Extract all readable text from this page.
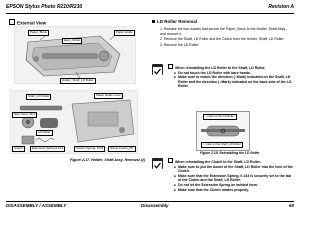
EPSON Stylus Photo R210/R230	Revision A
External View
Paper_Block
Eject_Roller
Paper Guide
Holder_Shaft_LD Roller
Shaft_LD Roller
Spur Gear, 36.4
LD Roller
Clutch	Extension Spring 0.143
Paper Guide Lever
Torsion Spring, 0.2S	Screw Frame_PK
Figure 2-17. Holder, Shaft Assy. Removal (2)
LD Roller Removal
1. Release the two dowels that secure the Paper_Block to the Holder, Shaft Assy., and remove it.
2. Remove the Shaft, LD Roller and the Clutch from the Holder, Shaft, LD Roller.
3. Remove the LD Roller.
When reinstalling the LD Roller to the Shaft, LD Roller,
■ Do not touch the LD Roller with bare hands.
■ Make sure to match the direction (○Mark) indicated on the Shaft, LD Roller and the direction (○Mark) indicated on the back side of the LD Roller.
○ mark on the LD Roller
○ mark on the Shaft_LD Roller
Figure 2-18. Reinstalling the LD Roller
When reinstalling the Clutch to the Shaft, LD Roller,
■ Make sure to put the dowel of the Shaft, LD Roller into the hole of the Clutch.
■ Make sure that the Extension Spring, 0.143 is securely set to the tab of the Clutch and the Shaft, LD Roller.
■ Do not let the Extension Spring be twisted form.
■ Make sure that the Clutch rotates properly.
DISASSEMBLY / ASSEMBLY	Disassembly	60
